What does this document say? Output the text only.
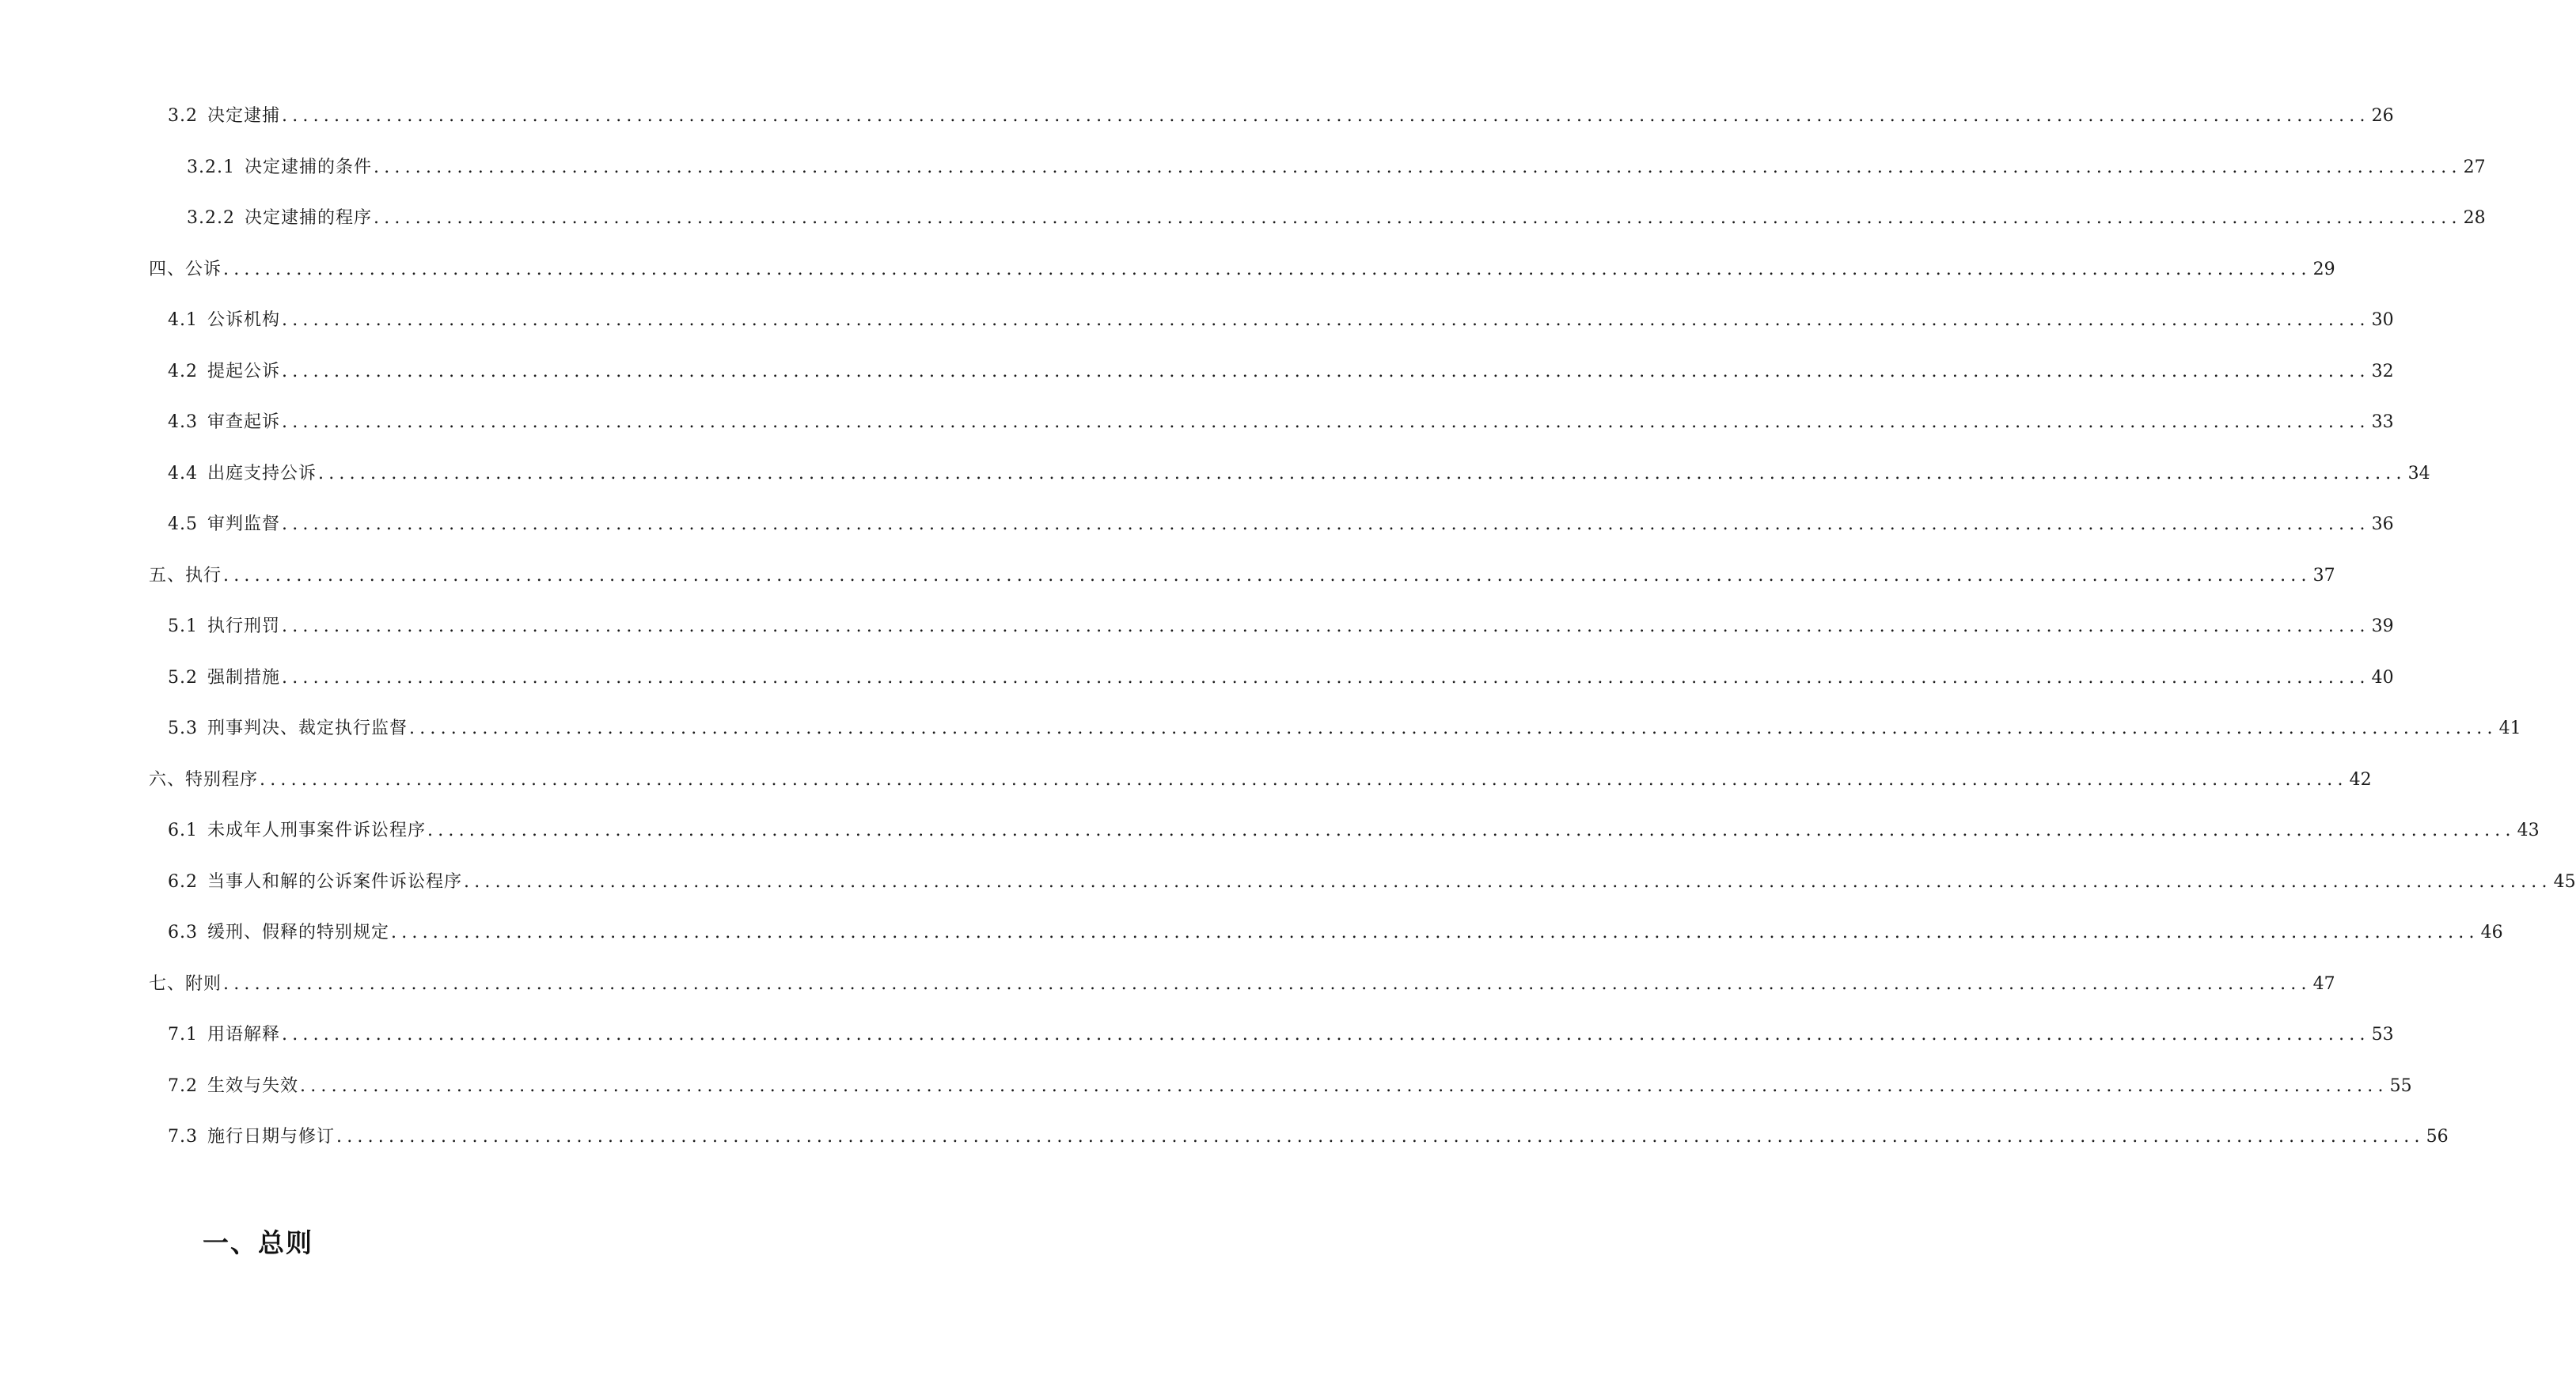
3.2 决定逮捕 ........................................................................................................................................................................................................ 26
3.2.1 决定逮捕的条件 ........................................................................................................................................................................................................ 27
3.2.2 决定逮捕的程序 ........................................................................................................................................................................................................ 28
四、公诉 ........................................................................................................................................................................................................ 29
4.1 公诉机构 ........................................................................................................................................................................................................ 30
4.2 提起公诉 ........................................................................................................................................................................................................ 32
4.3 审查起诉 ........................................................................................................................................................................................................ 33
4.4 出庭支持公诉 ........................................................................................................................................................................................................ 34
4.5 审判监督 ........................................................................................................................................................................................................ 36
五、执行 ........................................................................................................................................................................................................ 37
5.1 执行刑罚 ........................................................................................................................................................................................................ 39
5.2 强制措施 ........................................................................................................................................................................................................ 40
5.3 刑事判决、裁定执行监督 ........................................................................................................................................................................................................ 41
六、特别程序 ........................................................................................................................................................................................................ 42
6.1 未成年人刑事案件诉讼程序 ........................................................................................................................................................................................................ 43
6.2 当事人和解的公诉案件诉讼程序 ........................................................................................................................................................................................................ 45
6.3 缓刑、假释的特别规定 ........................................................................................................................................................................................................ 46
七、附则 ........................................................................................................................................................................................................ 47
7.1 用语解释 ........................................................................................................................................................................................................ 53
7.2 生效与失效 ........................................................................................................................................................................................................ 55
7.3 施行日期与修订 ........................................................................................................................................................................................................ 56
一、总则
